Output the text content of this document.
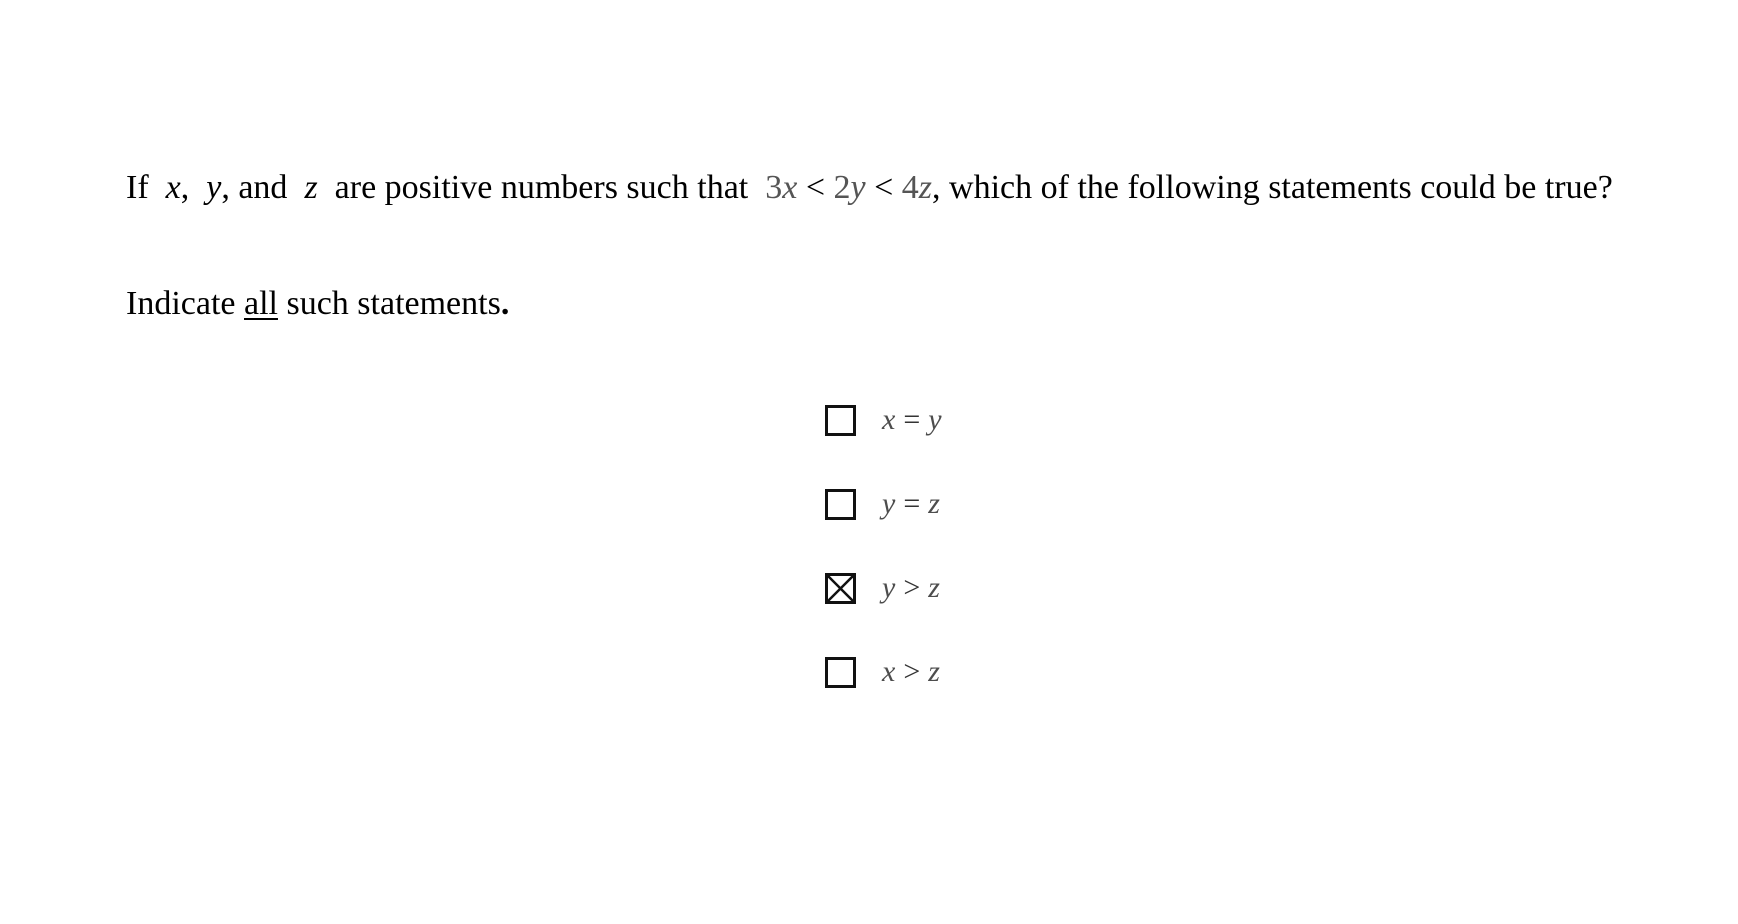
If x, y, and z are positive numbers such that 3x < 2y < 4z, which of the following statements could be true?
Indicate all such statements.
x = y
y = z
y > z
x > z
